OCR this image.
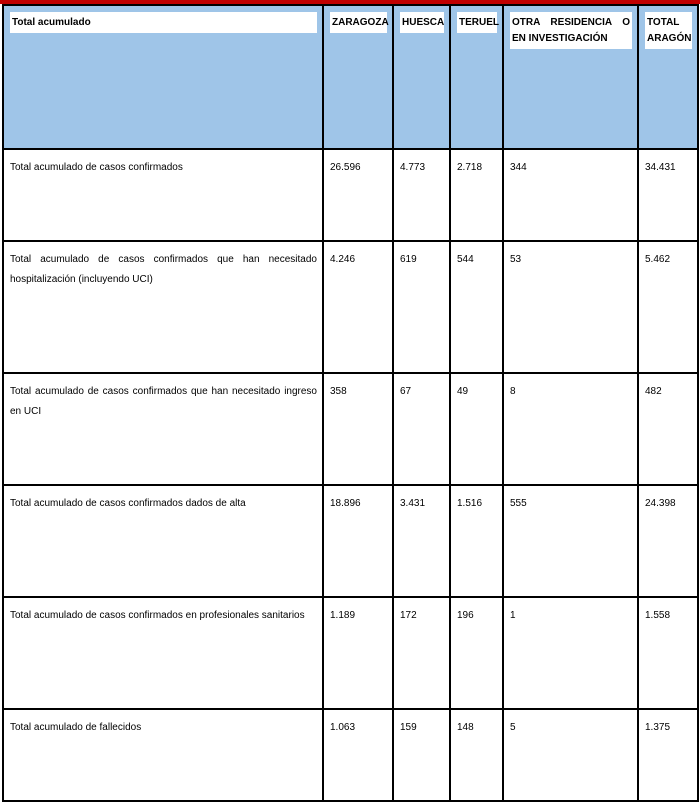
Total acumulado	ZARAGOZA	HUESCA	TERUEL	OTRA RESIDENCIA O EN INVESTIGACIÓN	TOTAL ARAGÓN

Total acumulado de casos confirmados	26.596	4.773	2.718	344	34.431
Total acumulado de casos confirmados que han necesitado hospitalización (incluyendo UCI)	4.246	619	544	53	5.462
Total acumulado de casos confirmados que han necesitado ingreso en UCI	358	67	49	8	482
Total acumulado de casos confirmados dados de alta	18.896	3.431	1.516	555	24.398
Total acumulado de casos confirmados en profesionales sanitarios	1.189	172	196	1	1.558
Total acumulado de fallecidos	1.063	159	148	5	1.375
